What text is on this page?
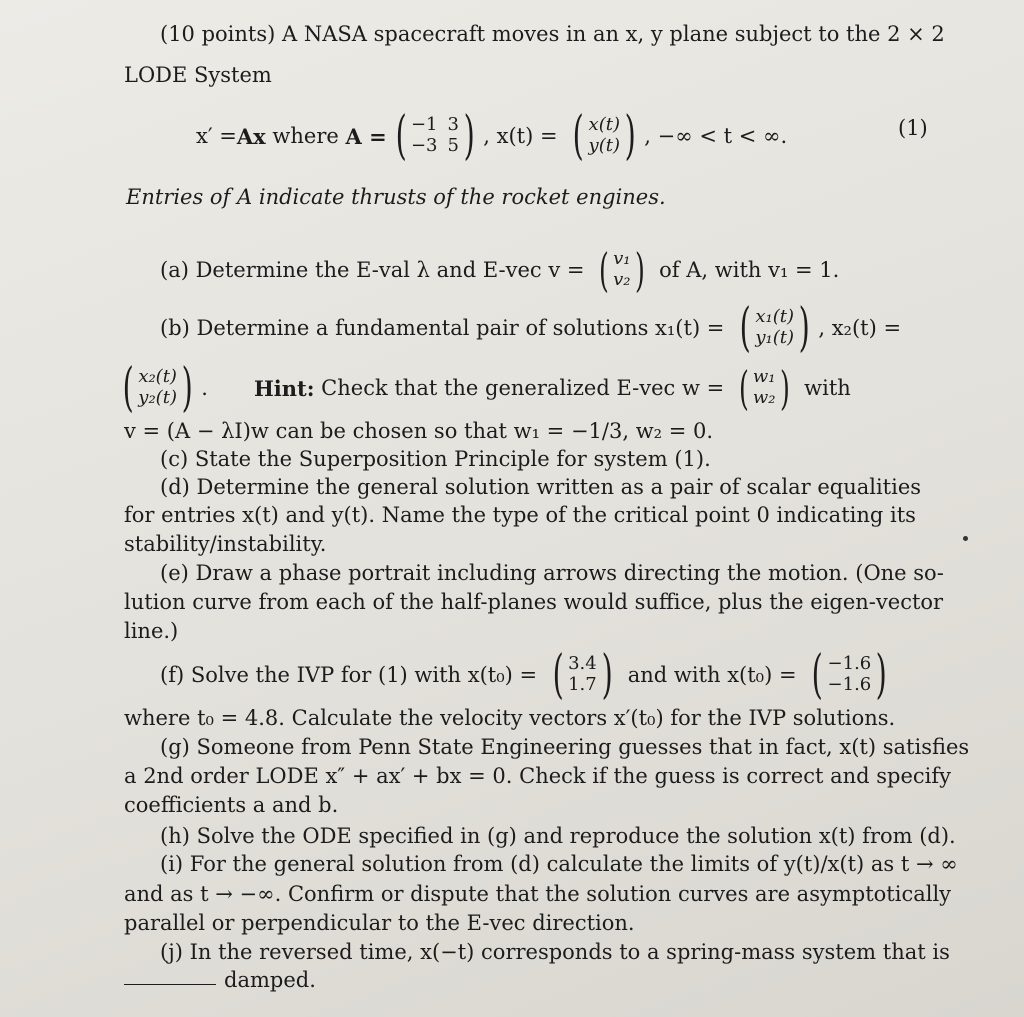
(10 points) A NASA spacecraft moves in an x, y plane subject to the 2 × 2
LODE System
x′ = Ax where A = ( −1 3
−3 5 ) , x(t) = ( x(t)
y(t) ) , −∞ < t < ∞.	(1)
Entries of A indicate thrusts of the rocket engines.
(a) Determine the E-val λ and E-vec v = ( v₁
v₂ ) of A, with v₁ = 1.
(b) Determine a fundamental pair of solutions x₁(t) = ( x₁(t)
y₁(t) ) , x₂(t) =
( x₂(t)
y₂(t) ) . Hint: Check that the generalized E-vec w = ( w₁
w₂ ) with
v = (A − λI)w can be chosen so that w₁ = −1/3, w₂ = 0.
(c) State the Superposition Principle for system (1).
(d) Determine the general solution written as a pair of scalar equalities
for entries x(t) and y(t). Name the type of the critical point 0 indicating its
stability/instability.
(e) Draw a phase portrait including arrows directing the motion. (One so-
lution curve from each of the half-planes would suffice, plus the eigen-vector
line.)
(f) Solve the IVP for (1) with x(t₀) = ( 3.4
1.7 ) and with x(t₀) = ( −1.6
−1.6 )
where t₀ = 4.8. Calculate the velocity vectors x′(t₀) for the IVP solutions.
(g) Someone from Penn State Engineering guesses that in fact, x(t) satisfies
a 2nd order LODE x″ + ax′ + bx = 0. Check if the guess is correct and specify
coefficients a and b.
(h) Solve the ODE specified in (g) and reproduce the solution x(t) from (d).
(i) For the general solution from (d) calculate the limits of y(t)/x(t) as t → ∞
and as t → −∞. Confirm or dispute that the solution curves are asymptotically
parallel or perpendicular to the E-vec direction.
(j) In the reversed time, x(−t) corresponds to a spring-mass system that is
damped.
